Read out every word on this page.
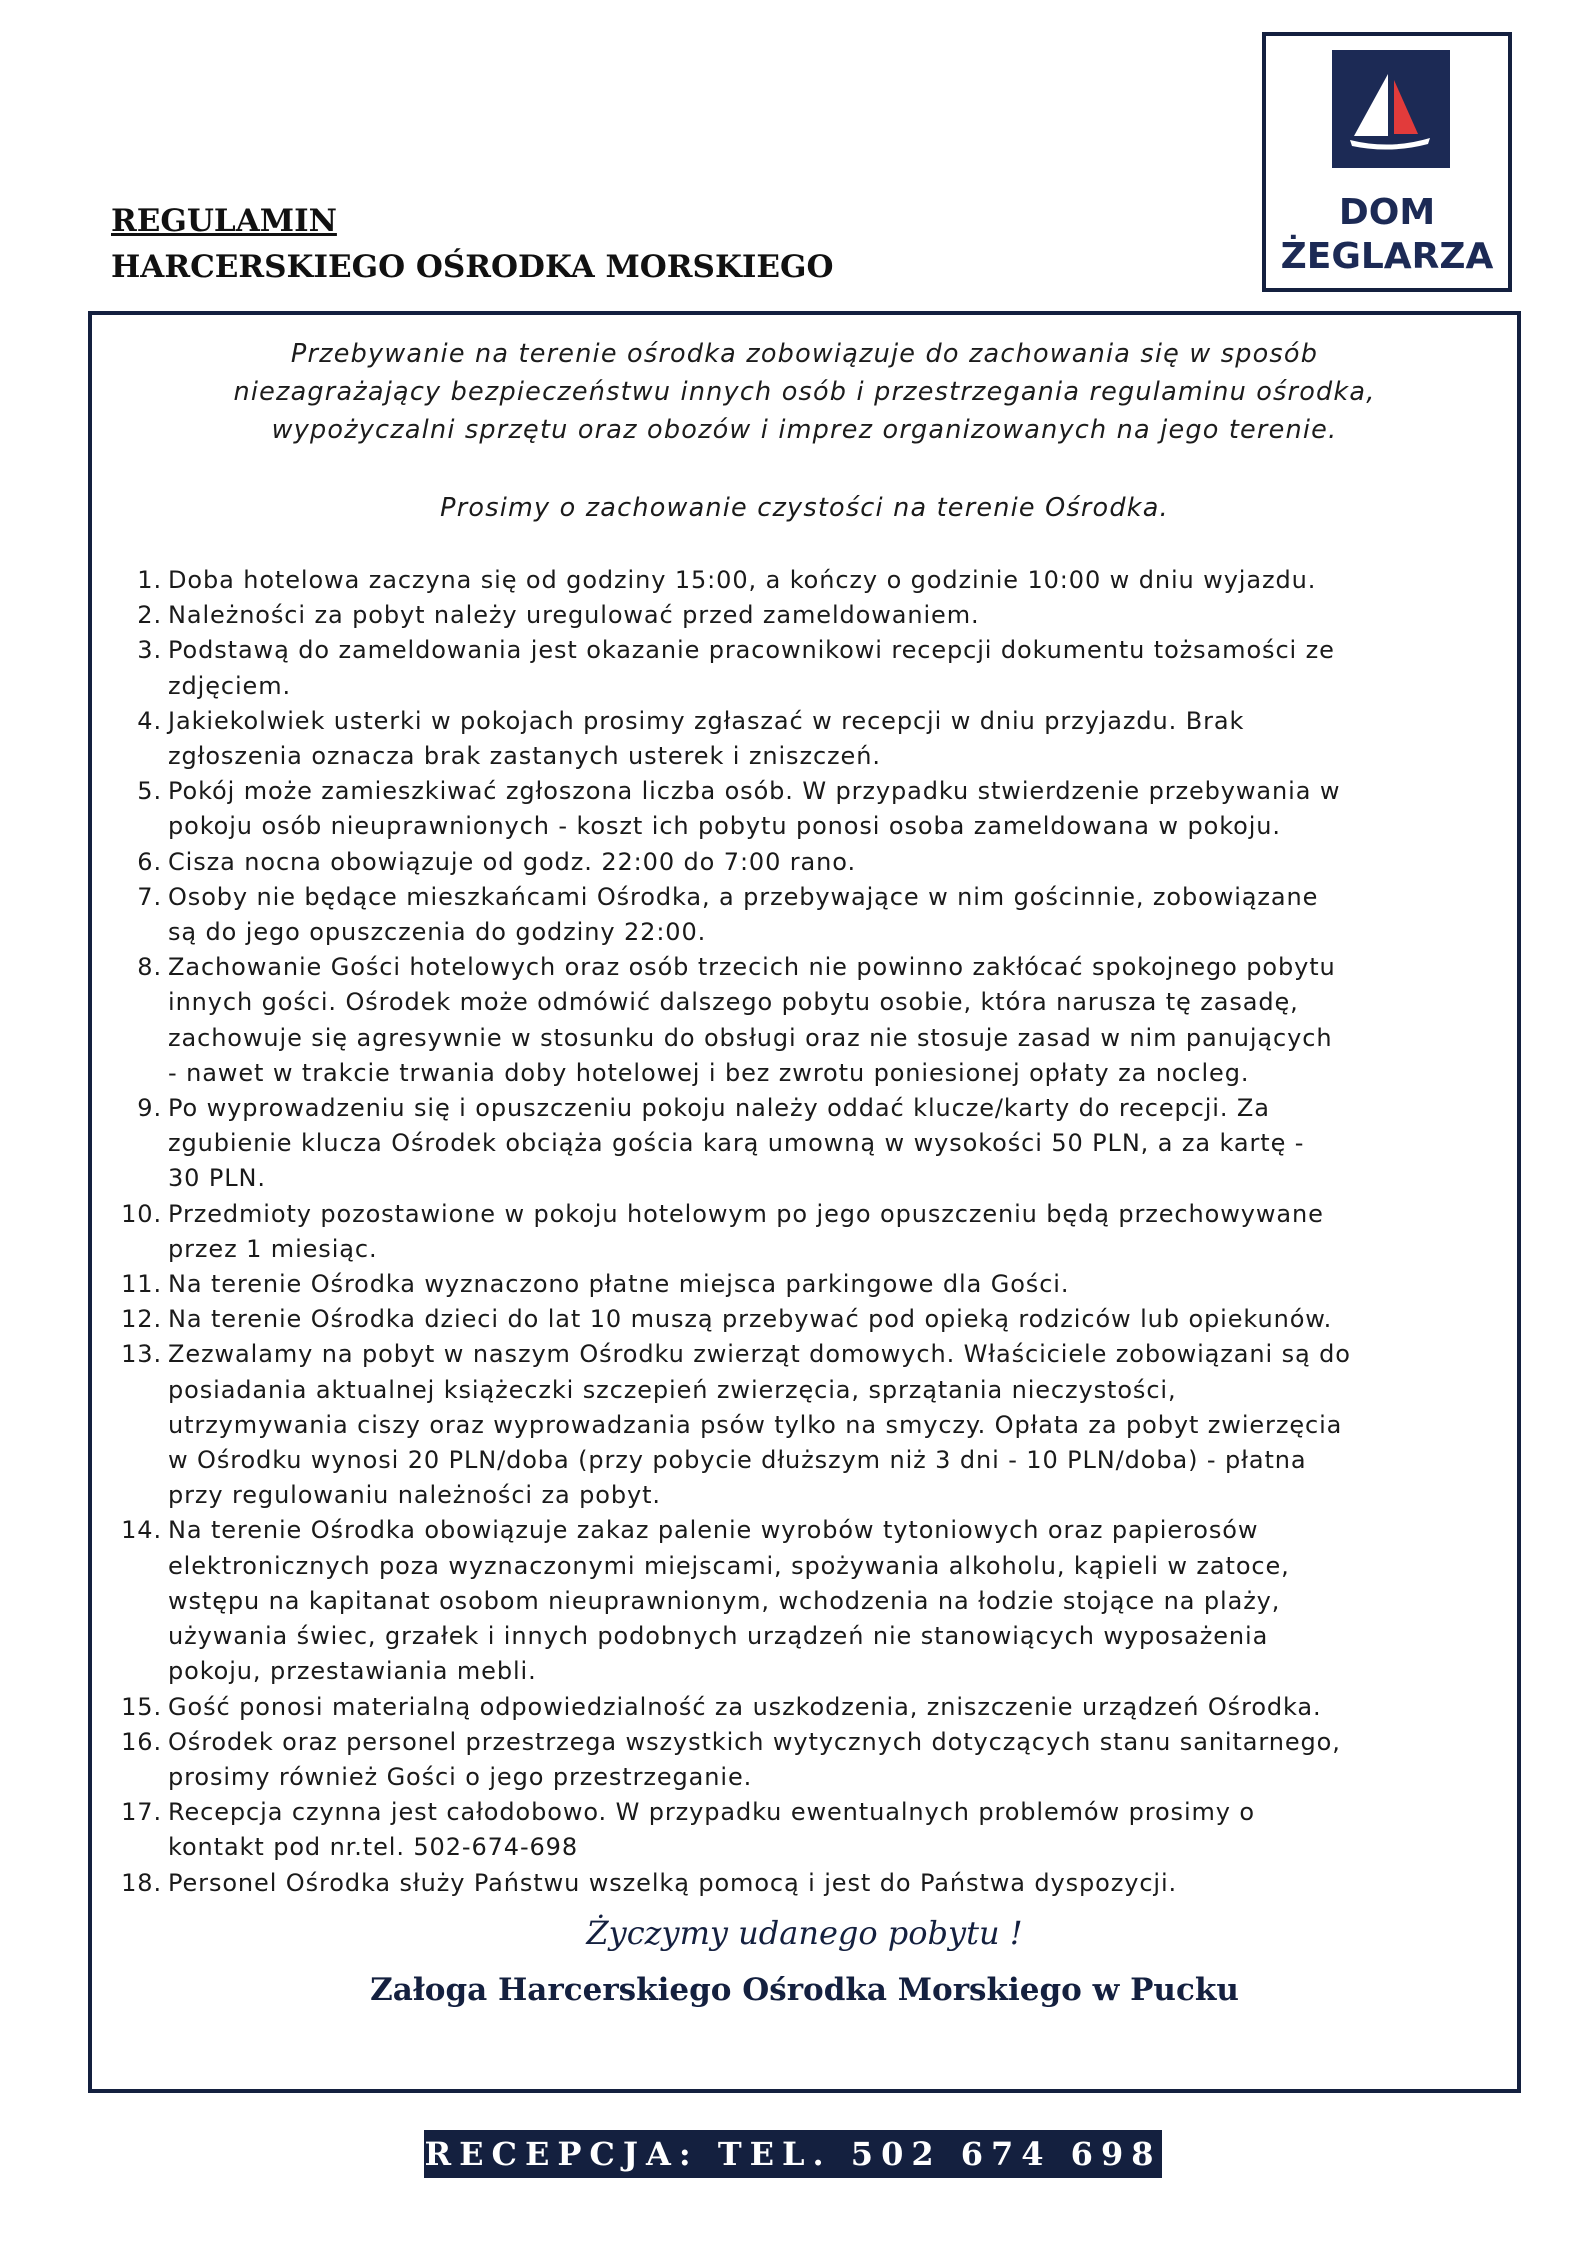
REGULAMIN
HARCERSKIEGO OŚRODKA MORSKIEGO
DOM
ŻEGLARZA
Przebywanie na terenie ośrodka zobowiązuje do zachowania się w sposób
niezagrażający bezpieczeństwu innych osób i przestrzegania regulaminu ośrodka,
wypożyczalni sprzętu oraz obozów i imprez organizowanych na jego terenie.
Prosimy o zachowanie czystości na terenie Ośrodka.
1. Doba hotelowa zaczyna się od godziny 15:00, a kończy o godzinie 10:00 w dniu wyjazdu.
2. Należności za pobyt należy uregulować przed zameldowaniem.
3. Podstawą do zameldowania jest okazanie pracownikowi recepcji dokumentu tożsamości ze
zdjęciem.
4. Jakiekolwiek usterki w pokojach prosimy zgłaszać w recepcji w dniu przyjazdu. Brak
zgłoszenia oznacza brak zastanych usterek i zniszczeń.
5. Pokój może zamieszkiwać zgłoszona liczba osób. W przypadku stwierdzenie przebywania w
pokoju osób nieuprawnionych - koszt ich pobytu ponosi osoba zameldowana w pokoju.
6. Cisza nocna obowiązuje od godz. 22:00 do 7:00 rano.
7. Osoby nie będące mieszkańcami Ośrodka, a przebywające w nim gościnnie, zobowiązane
są do jego opuszczenia do godziny 22:00.
8. Zachowanie Gości hotelowych oraz osób trzecich nie powinno zakłócać spokojnego pobytu
innych gości. Ośrodek może odmówić dalszego pobytu osobie, która narusza tę zasadę,
zachowuje się agresywnie w stosunku do obsługi oraz nie stosuje zasad w nim panujących
- nawet w trakcie trwania doby hotelowej i bez zwrotu poniesionej opłaty za nocleg.
9. Po wyprowadzeniu się i opuszczeniu pokoju należy oddać klucze/karty do recepcji. Za
zgubienie klucza Ośrodek obciąża gościa karą umowną w wysokości 50 PLN, a za kartę -
30 PLN.
10. Przedmioty pozostawione w pokoju hotelowym po jego opuszczeniu będą przechowywane
przez 1 miesiąc.
11. Na terenie Ośrodka wyznaczono płatne miejsca parkingowe dla Gości.
12. Na terenie Ośrodka dzieci do lat 10 muszą przebywać pod opieką rodziców lub opiekunów.
13. Zezwalamy na pobyt w naszym Ośrodku zwierząt domowych. Właściciele zobowiązani są do
posiadania aktualnej książeczki szczepień zwierzęcia, sprzątania nieczystości,
utrzymywania ciszy oraz wyprowadzania psów tylko na smyczy. Opłata za pobyt zwierzęcia
w Ośrodku wynosi 20 PLN/doba (przy pobycie dłuższym niż 3 dni - 10 PLN/doba) - płatna
przy regulowaniu należności za pobyt.
14. Na terenie Ośrodka obowiązuje zakaz palenie wyrobów tytoniowych oraz papierosów
elektronicznych poza wyznaczonymi miejscami, spożywania alkoholu, kąpieli w zatoce,
wstępu na kapitanat osobom nieuprawnionym, wchodzenia na łodzie stojące na plaży,
używania świec, grzałek i innych podobnych urządzeń nie stanowiących wyposażenia
pokoju, przestawiania mebli.
15. Gość ponosi materialną odpowiedzialność za uszkodzenia, zniszczenie urządzeń Ośrodka.
16. Ośrodek oraz personel przestrzega wszystkich wytycznych dotyczących stanu sanitarnego,
prosimy również Gości o jego przestrzeganie.
17. Recepcja czynna jest całodobowo. W przypadku ewentualnych problemów prosimy o
kontakt pod nr.tel. 502-674-698
18. Personel Ośrodka służy Państwu wszelką pomocą i jest do Państwa dyspozycji.
Życzymy udanego pobytu !
Załoga Harcerskiego Ośrodka Morskiego w Pucku
RECEPCJA: TEL. 502 674 698
